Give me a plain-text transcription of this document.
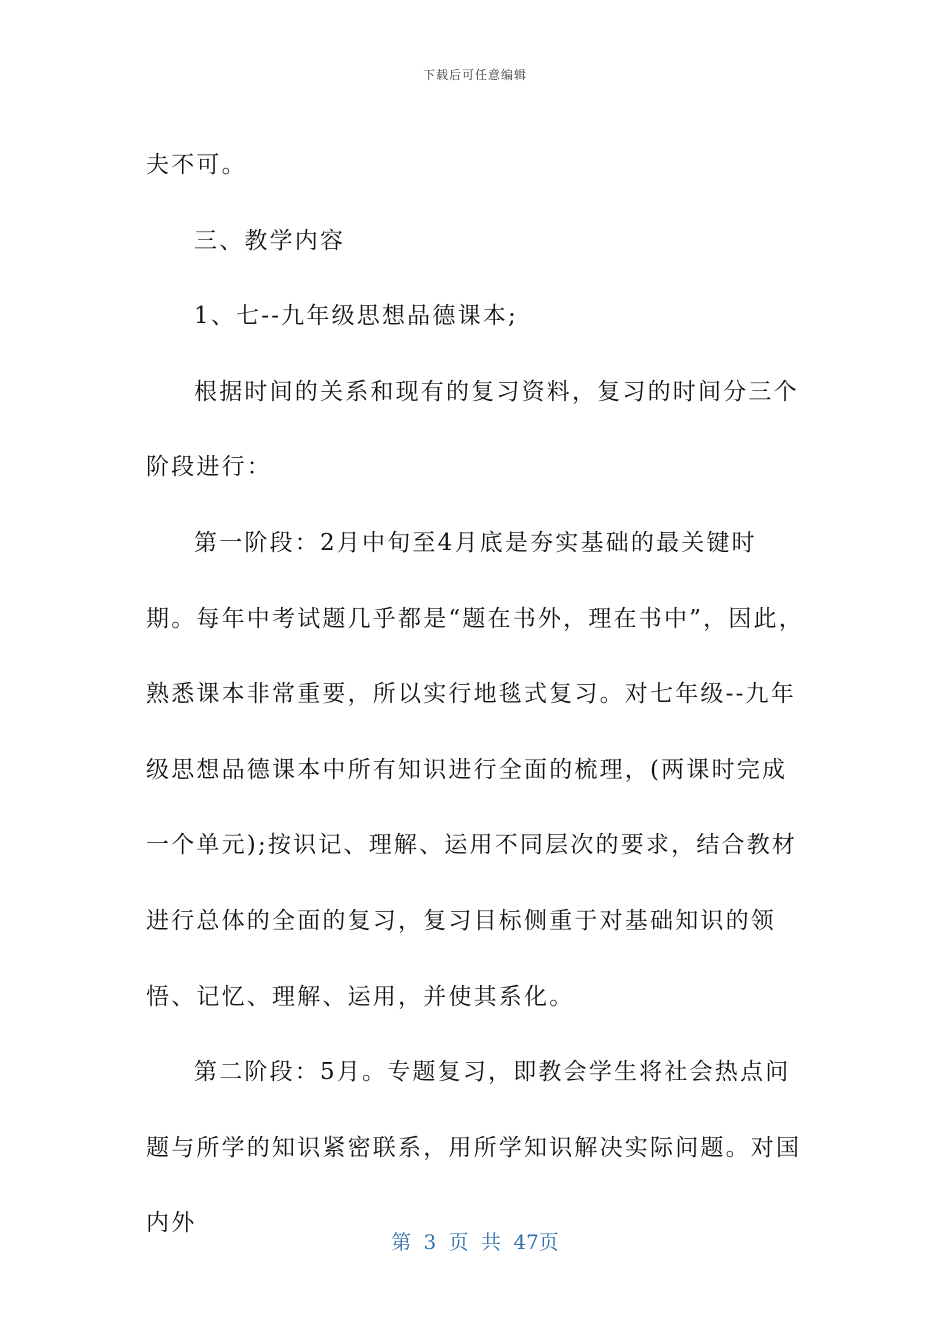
下载后可任意编辑

夫不可。

三、教学内容

1、七--九年级思想品德课本;

根据时间的关系和现有的复习资料，复习的时间分三个阶段进行：

第一阶段：2月中旬至4月底是夯实基础的最关键时期。每年中考试题几乎都是“题在书外，理在书中”，因此，熟悉课本非常重要，所以实行地毯式复习。对七年级--九年级思想品德课本中所有知识进行全面的梳理，(两课时完成一个单元);按识记、理解、运用不同层次的要求，结合教材进行总体的全面的复习，复习目标侧重于对基础知识的领悟、记忆、理解、运用，并使其系化。

第二阶段：5月。专题复习，即教会学生将社会热点问题与所学的知识紧密联系，用所学知识解决实际问题。对国内外

第 3 页 共 47页
